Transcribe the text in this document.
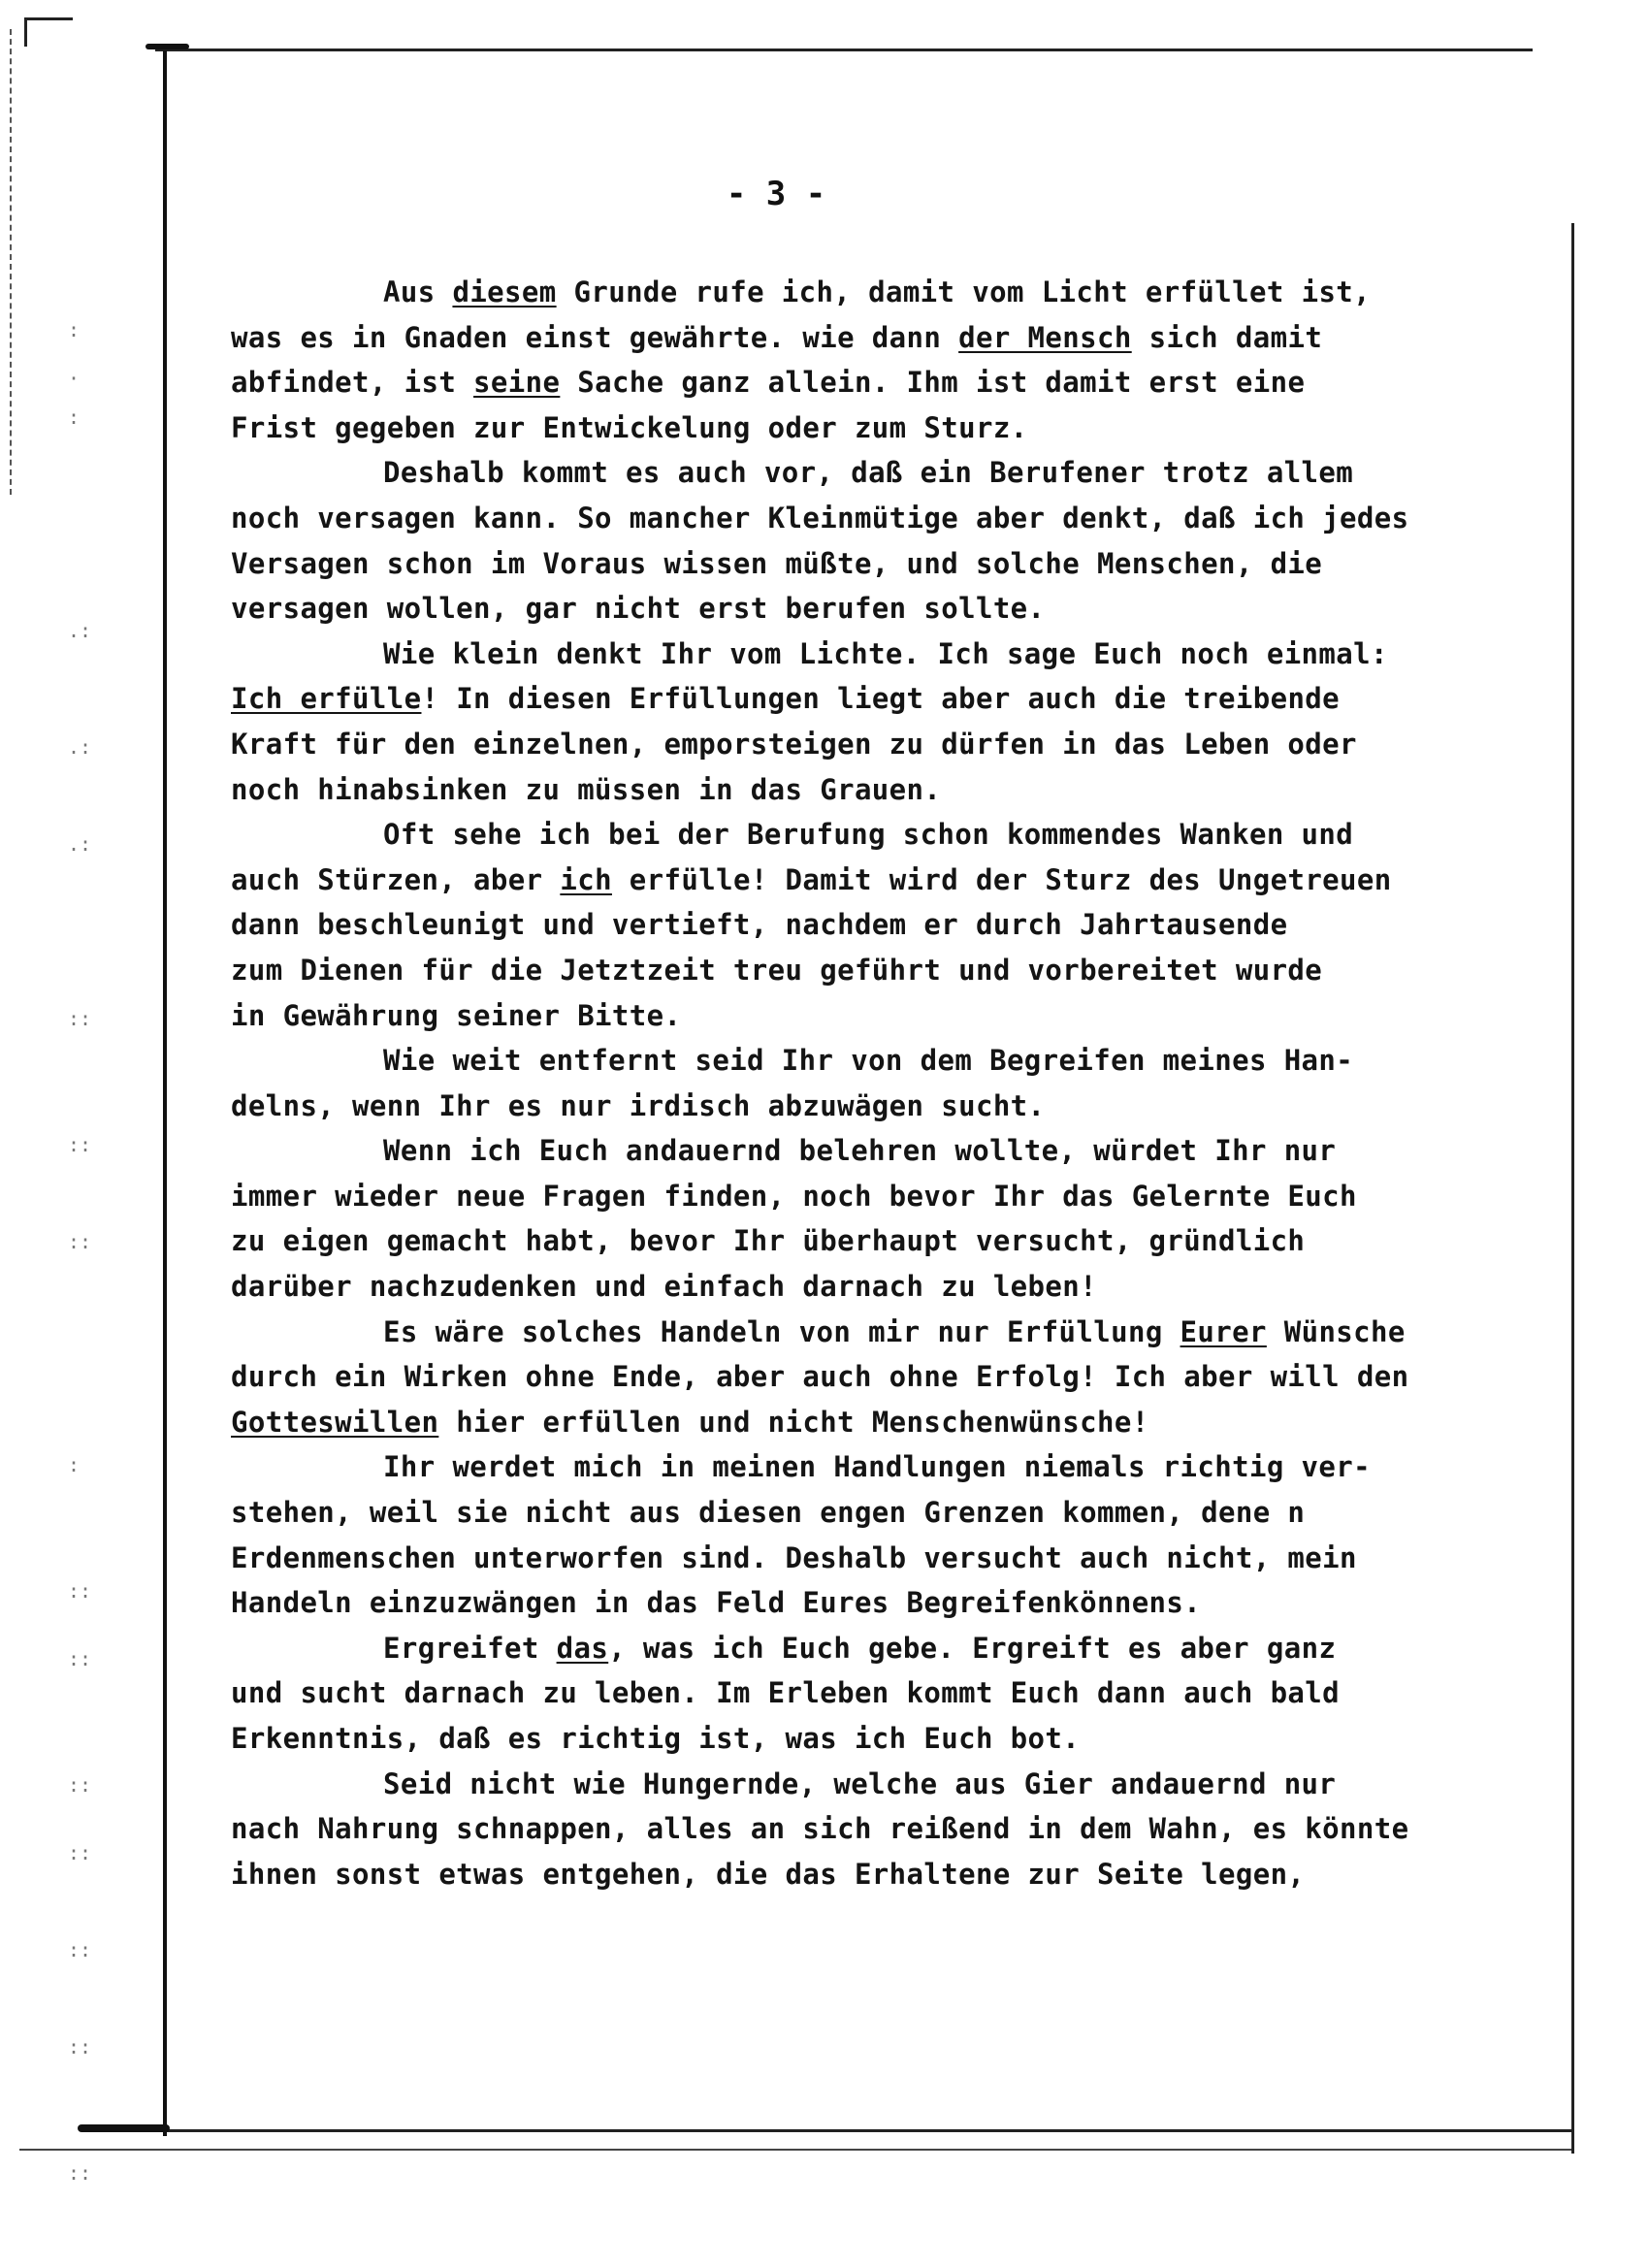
:
·
:
.:
.:
.:
::
::
::
:
::
::
::
::
::
::
::
- 3 -
Aus diesem Grunde rufe ich, damit vom Licht erfüllet ist,
was es in Gnaden einst gewährte. wie dann der Mensch sich damit
abfindet, ist seine Sache ganz allein. Ihm ist damit erst eine
Frist gegeben zur Entwickelung oder zum Sturz.
Deshalb kommt es auch vor, daß ein Berufener trotz allem
noch versagen kann. So mancher Kleinmütige aber denkt, daß ich jedes
Versagen schon im Voraus wissen müßte, und solche Menschen, die
versagen wollen, gar nicht erst berufen sollte.
Wie klein denkt Ihr vom Lichte. Ich sage Euch noch einmal:
Ich erfülle! In diesen Erfüllungen liegt aber auch die treibende
Kraft für den einzelnen, emporsteigen zu dürfen in das Leben oder
noch hinabsinken zu müssen in das Grauen.
Oft sehe ich bei der Berufung schon kommendes Wanken und
auch Stürzen, aber ich erfülle! Damit wird der Sturz des Ungetreuen
dann beschleunigt und vertieft, nachdem er durch Jahrtausende
zum Dienen für die Jetztzeit treu geführt und vorbereitet wurde
in Gewährung seiner Bitte.
Wie weit entfernt seid Ihr von dem Begreifen meines Han-
delns, wenn Ihr es nur irdisch abzuwägen sucht.
Wenn ich Euch andauernd belehren wollte, würdet Ihr nur
immer wieder neue Fragen finden, noch bevor Ihr das Gelernte Euch
zu eigen gemacht habt, bevor Ihr überhaupt versucht, gründlich
darüber nachzudenken und einfach darnach zu leben!
Es wäre solches Handeln von mir nur Erfüllung Eurer Wünsche
durch ein Wirken ohne Ende, aber auch ohne Erfolg! Ich aber will den
Gotteswillen hier erfüllen und nicht Menschenwünsche!
Ihr werdet mich in meinen Handlungen niemals richtig ver-
stehen, weil sie nicht aus diesen engen Grenzen kommen, dene n
Erdenmenschen unterworfen sind. Deshalb versucht auch nicht, mein
Handeln einzuzwängen in das Feld Eures Begreifenkönnens.
Ergreifet das, was ich Euch gebe. Ergreift es aber ganz
und sucht darnach zu leben. Im Erleben kommt Euch dann auch bald
Erkenntnis, daß es richtig ist, was ich Euch bot.
Seid nicht wie Hungernde, welche aus Gier andauernd nur
nach Nahrung schnappen, alles an sich reißend in dem Wahn, es könnte
ihnen sonst etwas entgehen, die das Erhaltene zur Seite legen,
